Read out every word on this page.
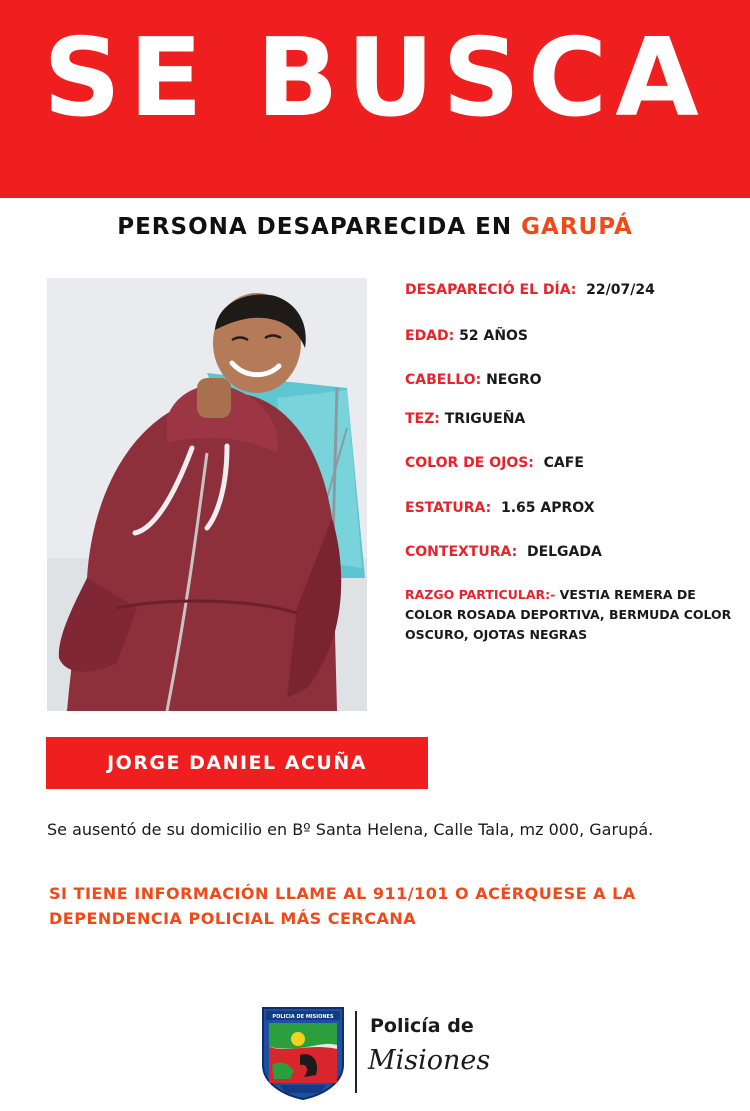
SE BUSCA
PERSONA DESAPARECIDA EN GARUPÁ
DESAPARECIÓ EL DÍA: 22/07/24
EDAD: 52 AÑOS
CABELLO: NEGRO
TEZ: TRIGUEÑA
COLOR DE OJOS: CAFE
ESTATURA: 1.65 APROX
CONTEXTURA: DELGADA
RAZGO PARTICULAR:- VESTIA REMERA DE COLOR ROSADA DEPORTIVA, BERMUDA COLOR OSCURO, OJOTAS NEGRAS
JORGE DANIEL ACUÑA
Se ausentó de su domicilio en Bº Santa Helena, Calle Tala, mz 000, Garupá.
SI TIENE INFORMACIÓN LLAME AL 911/101 O ACÉRQUESE A LA DEPENDENCIA POLICIAL MÁS CERCANA
POLICIA DE MISIONES Policía de
Misiones
